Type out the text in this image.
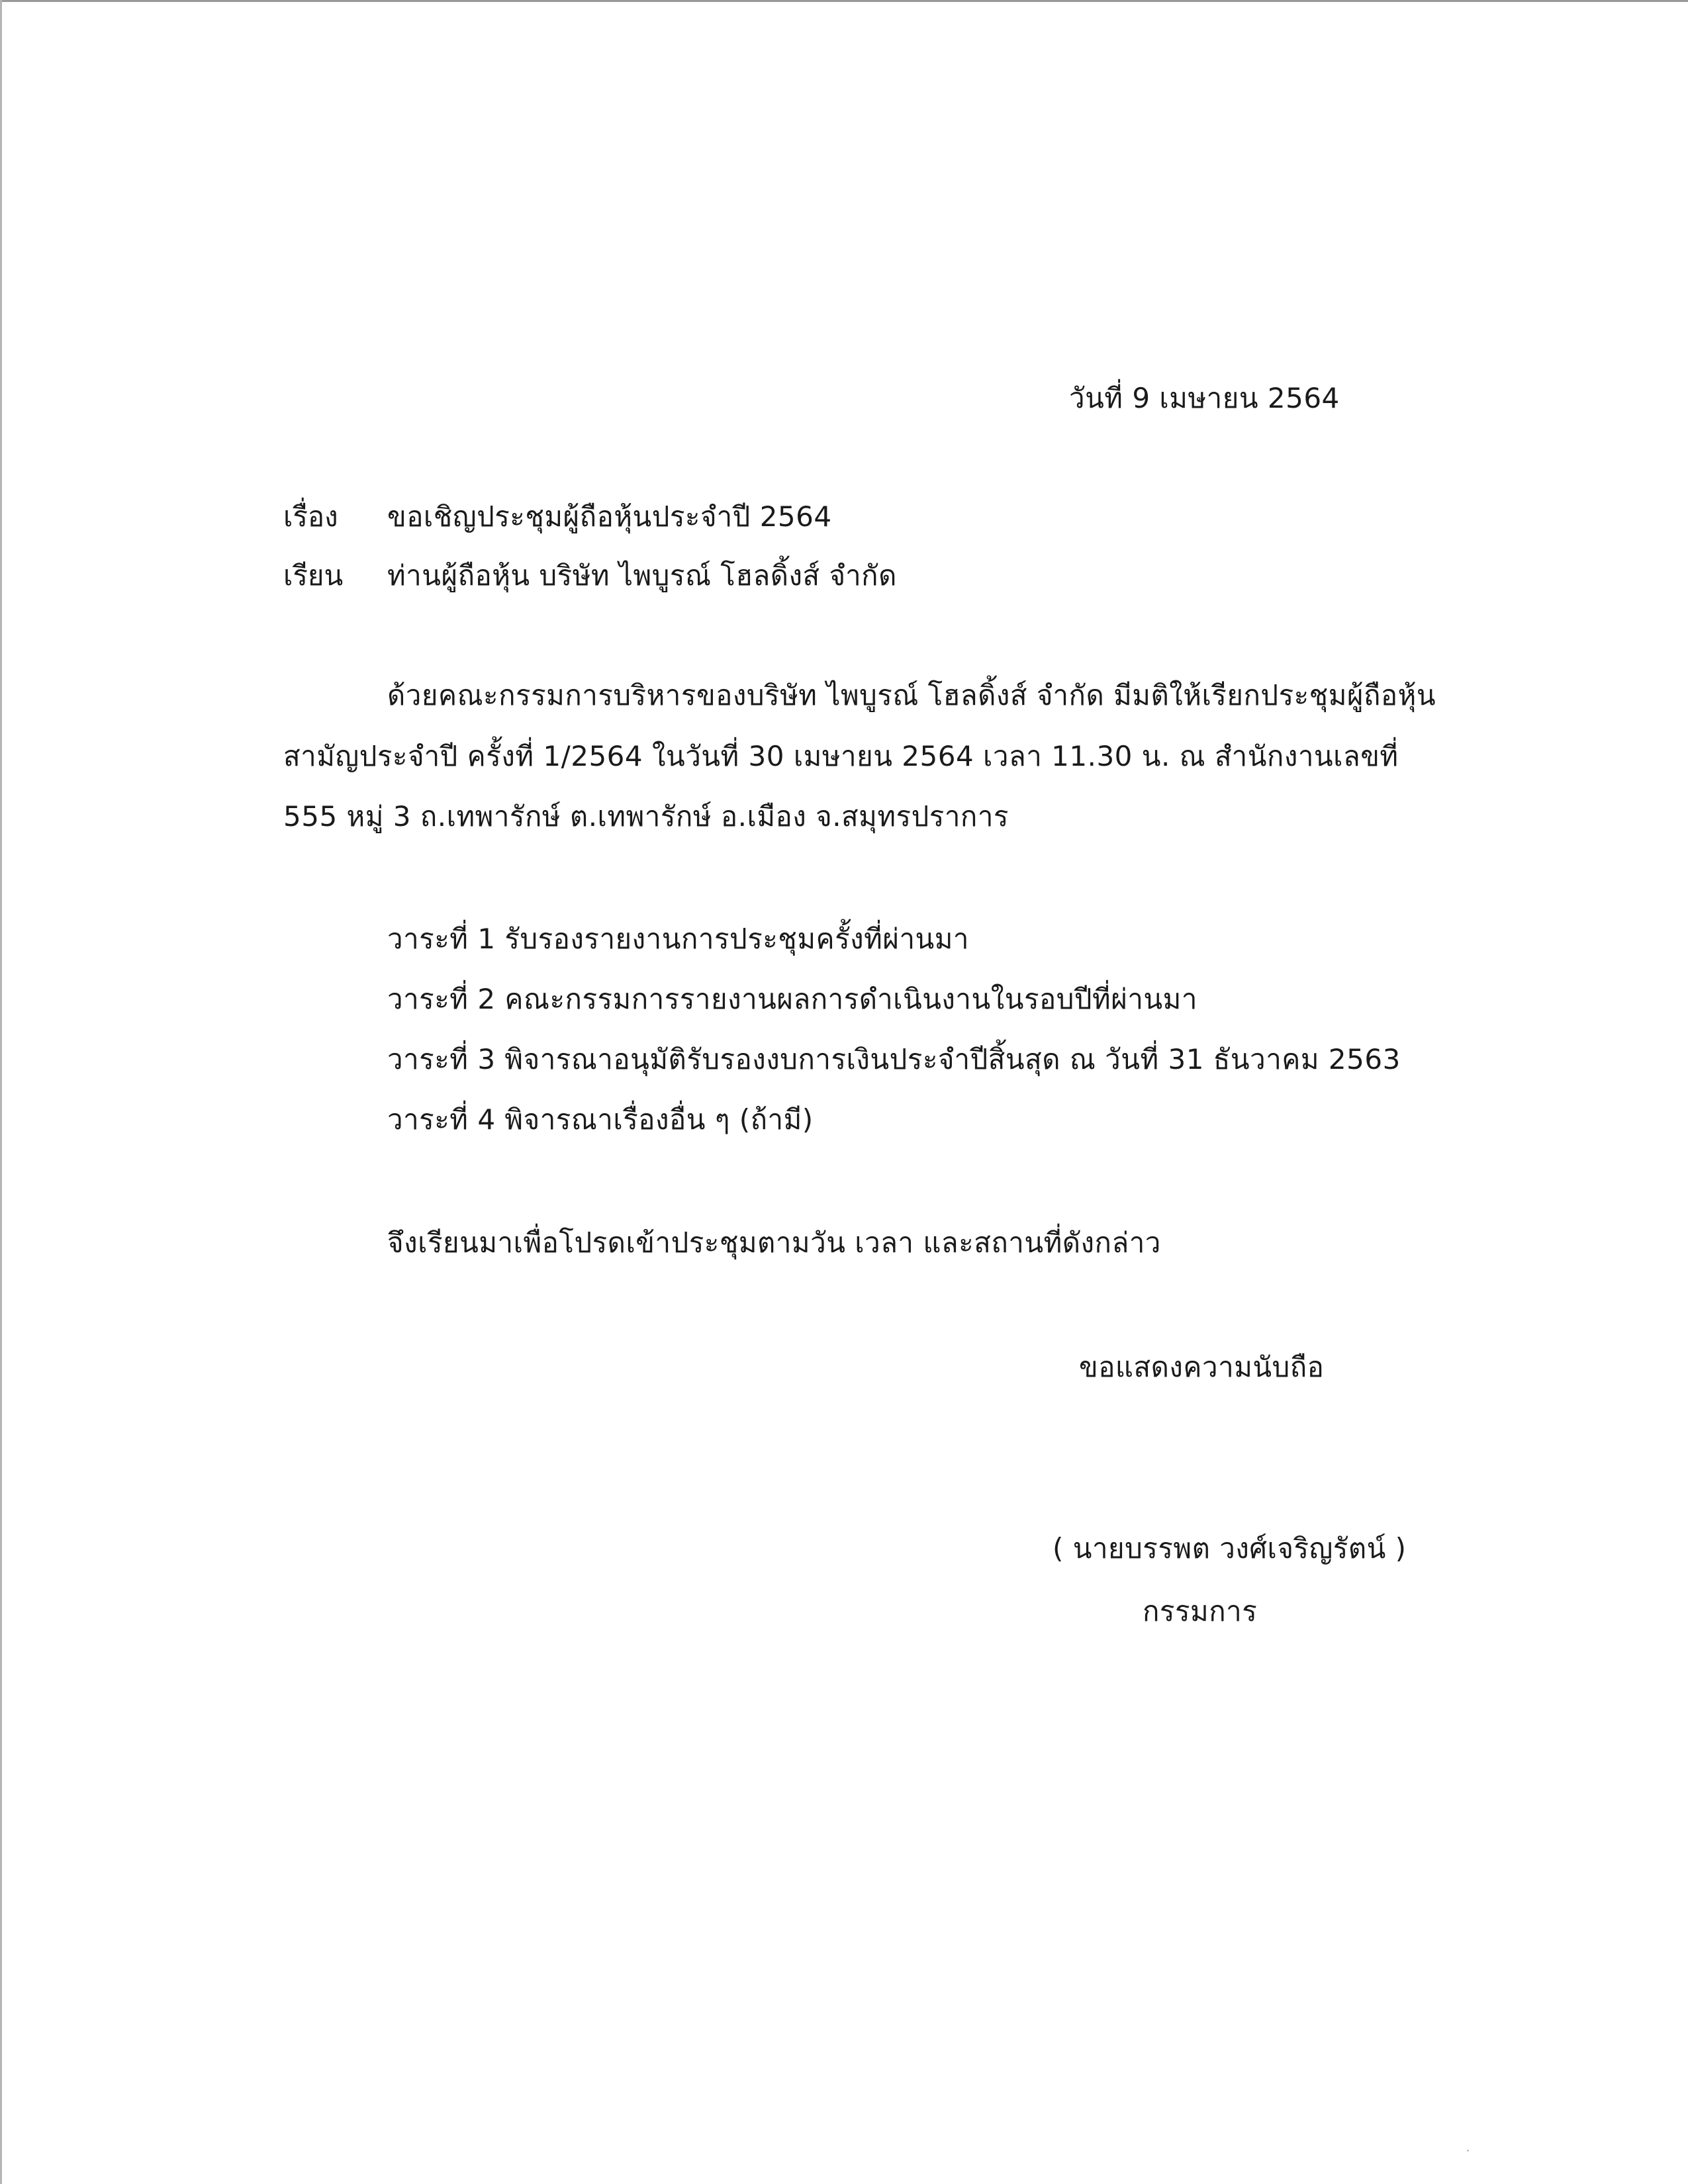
วันที่ 9 เมษายน 2564
เรื่อง ขอเชิญประชุมผู้ถือหุ้นประจำปี 2564
เรียน ท่านผู้ถือหุ้น บริษัท ไพบูรณ์ โฮลดิ้งส์ จำกัด
ด้วยคณะกรรมการบริหารของบริษัท ไพบูรณ์ โฮลดิ้งส์ จำกัด มีมติให้เรียกประชุมผู้ถือหุ้น
สามัญประจำปี ครั้งที่ 1/2564 ในวันที่ 30 เมษายน 2564 เวลา 11.30 น. ณ สำนักงานเลขที่
555 หมู่ 3 ถ.เทพารักษ์ ต.เทพารักษ์ อ.เมือง จ.สมุทรปราการ
วาระที่ 1 รับรองรายงานการประชุมครั้งที่ผ่านมา
วาระที่ 2 คณะกรรมการรายงานผลการดำเนินงานในรอบปีที่ผ่านมา
วาระที่ 3 พิจารณาอนุมัติรับรองงบการเงินประจำปีสิ้นสุด ณ วันที่ 31 ธันวาคม 2563
วาระที่ 4 พิจารณาเรื่องอื่น ๆ (ถ้ามี)
จึงเรียนมาเพื่อโปรดเข้าประชุมตามวัน เวลา และสถานที่ดังกล่าว
ขอแสดงความนับถือ
( นายบรรพต วงศ์เจริญรัตน์ )
กรรมการ
